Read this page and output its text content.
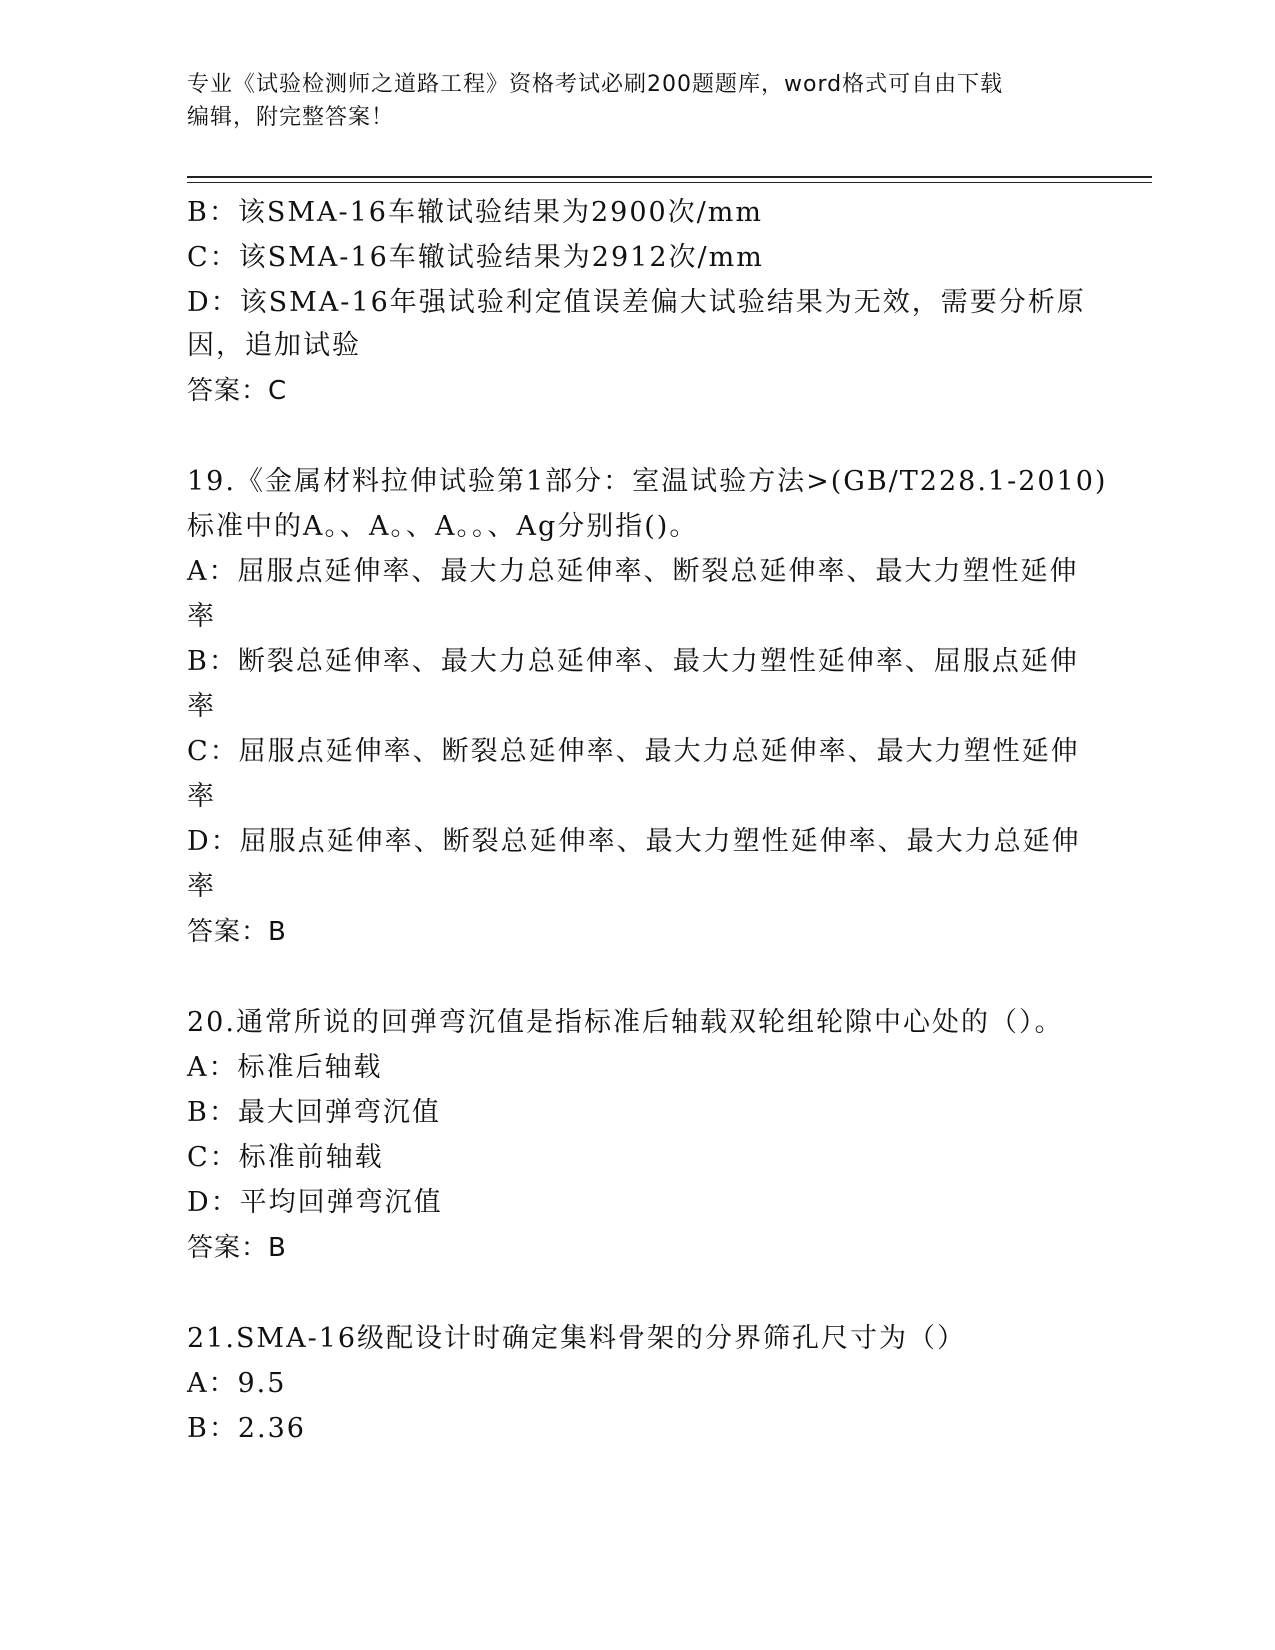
专业《试验检测师之道路工程》资格考试必刷200题题库，word格式可自由下载
编辑，附完整答案！
B：该SMA-16车辙试验结果为2900次/mm
C：该SMA-16车辙试验结果为2912次/mm
D：该SMA-16年强试验利定值误差偏大试验结果为无效，需要分析原
因，追加试验
答案：C
19.《金属材料拉伸试验第1部分：室温试验方法>(GB/T228.1-2010)
标准中的A。、A。、A。。、Ag分别指()。
A：屈服点延伸率、最大力总延伸率、断裂总延伸率、最大力塑性延伸
率
B：断裂总延伸率、最大力总延伸率、最大力塑性延伸率、屈服点延伸
率
C：屈服点延伸率、断裂总延伸率、最大力总延伸率、最大力塑性延伸
率
D：屈服点延伸率、断裂总延伸率、最大力塑性延伸率、最大力总延伸
率
答案：B
20.通常所说的回弹弯沉值是指标准后轴载双轮组轮隙中心处的（）。
A：标准后轴载
B：最大回弹弯沉值
C：标准前轴载
D：平均回弹弯沉值
答案：B
21.SMA-16级配设计时确定集料骨架的分界筛孔尺寸为（）
A：9.5
B：2.36
